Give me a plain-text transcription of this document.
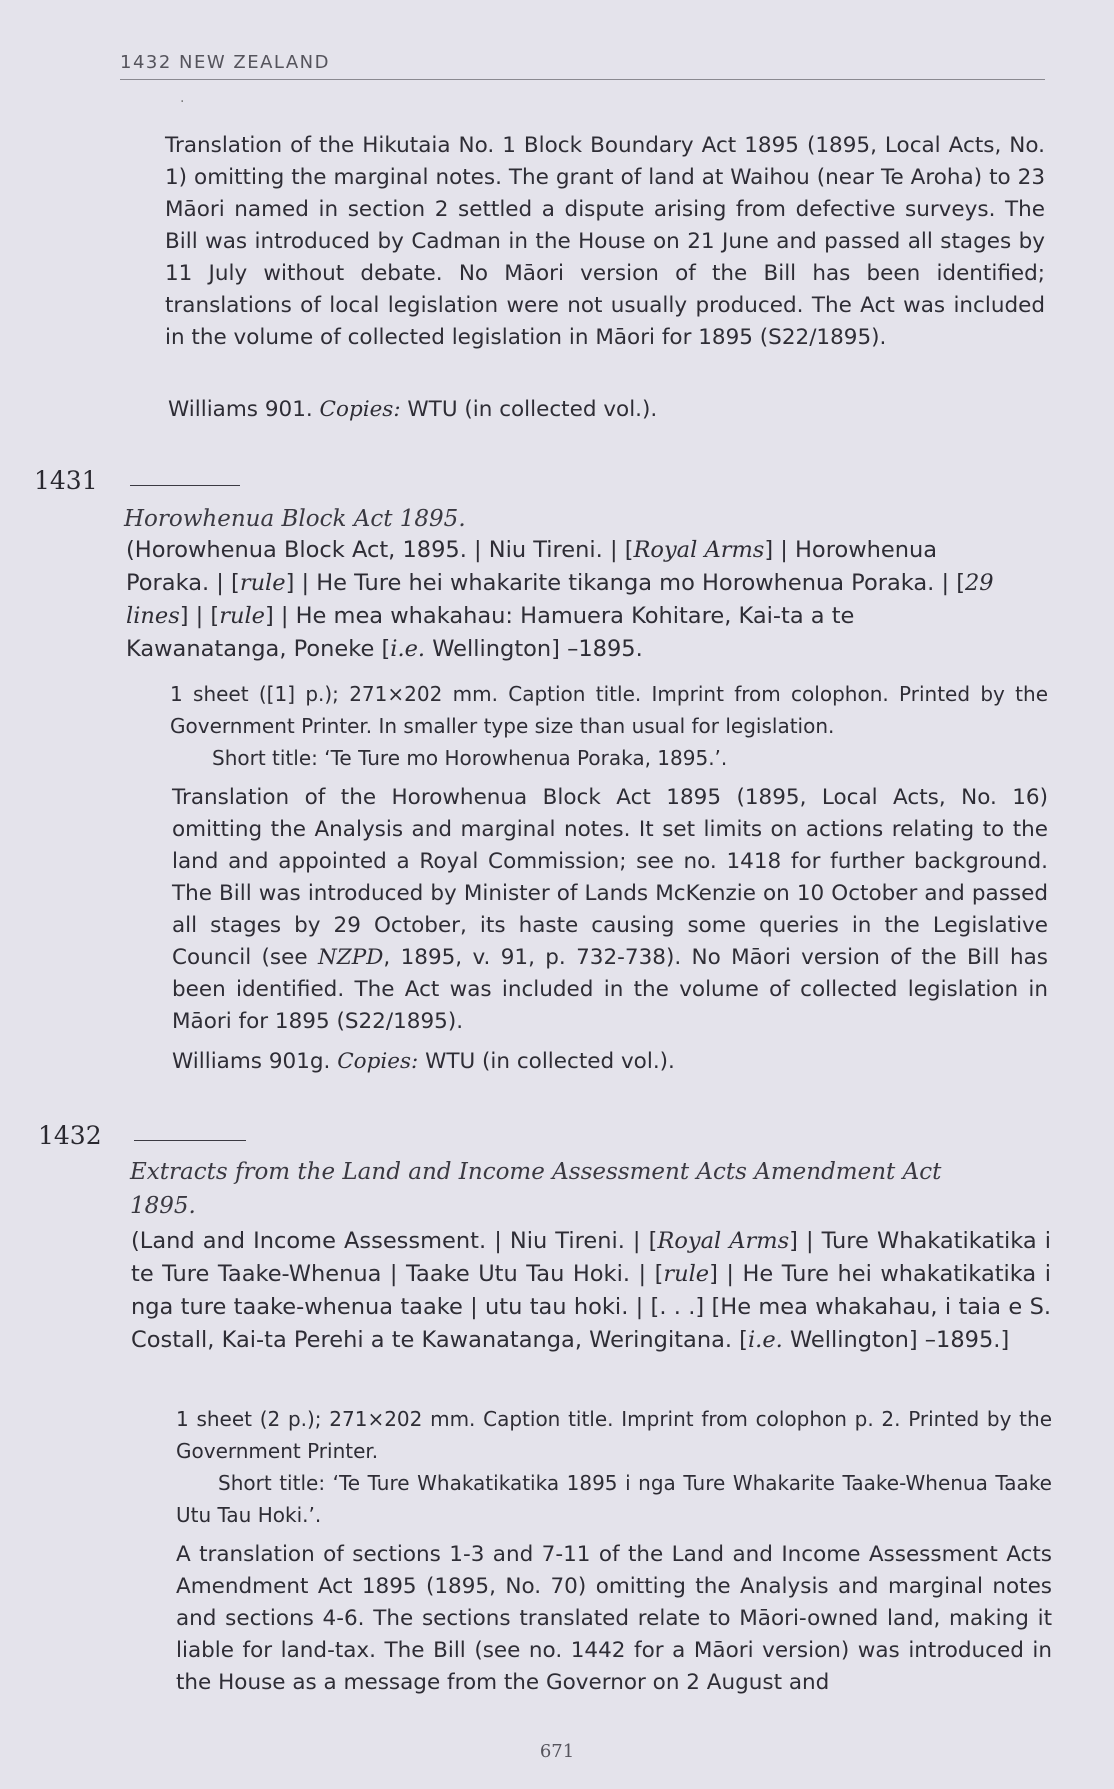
1432 NEW ZEALAND
·

Translation of the Hikutaia No. 1 Block Boundary Act 1895 (1895, Local Acts, No. 1) omitting the marginal notes. The grant of land at Waihou (near Te Aroha) to 23 Māori named in section 2 settled a dispute arising from defective surveys. The Bill was introduced by Cadman in the House on 21 June and passed all stages by 11 July without debate. No Māori version of the Bill has been identified; translations of local legislation were not usually produced. The Act was included in the volume of collected legislation in Māori for 1895 (S22/1895).

Williams 901. Copies: WTU (in collected vol.).

1431

Horowhenua Block Act 1895.

(Horowhenua Block Act, 1895. | Niu Tireni. | [Royal Arms] | Horowhenua Poraka. | [rule] | He Ture hei whakarite tikanga mo Horowhenua Poraka. | [29 lines] | [rule] | He mea whakahau: Hamuera Kohitare, Kai-ta a te Kawanatanga, Poneke [i.e. Wellington] –1895.

1 sheet ([1] p.); 271×202 mm. Caption title. Imprint from colophon. Printed by the Government Printer. In smaller type size than usual for legislation.
Short title: ‘Te Ture mo Horowhenua Poraka, 1895.’.

Translation of the Horowhenua Block Act 1895 (1895, Local Acts, No. 16) omitting the Analysis and marginal notes. It set limits on actions relating to the land and appointed a Royal Commission; see no. 1418 for further background. The Bill was introduced by Minister of Lands McKenzie on 10 October and passed all stages by 29 October, its haste causing some queries in the Legislative Council (see NZPD, 1895, v. 91, p. 732-738). No Māori version of the Bill has been identified. The Act was included in the volume of collected legislation in Māori for 1895 (S22/1895).

Williams 901g. Copies: WTU (in collected vol.).

1432

Extracts from the Land and Income Assessment Acts Amendment Act 1895.

(Land and Income Assessment. | Niu Tireni. | [Royal Arms] | Ture Whakatikatika i te Ture Taake-Whenua | Taake Utu Tau Hoki. | [rule] | He Ture hei whakatikatika i nga ture taake-whenua taake | utu tau hoki. | [. . .] [He mea whakahau, i taia e S. Costall, Kai-ta Perehi a te Kawanatanga, Weringitana. [i.e. Wellington] –1895.]

1 sheet (2 p.); 271×202 mm. Caption title. Imprint from colophon p. 2. Printed by the Government Printer.
Short title: ‘Te Ture Whakatikatika 1895 i nga Ture Whakarite Taake-Whenua Taake Utu Tau Hoki.’.

A translation of sections 1-3 and 7-11 of the Land and Income Assessment Acts Amendment Act 1895 (1895, No. 70) omitting the Analysis and marginal notes and sections 4-6. The sections translated relate to Māori-owned land, making it liable for land-tax. The Bill (see no. 1442 for a Māori version) was introduced in the House as a message from the Governor on 2 August and

671
